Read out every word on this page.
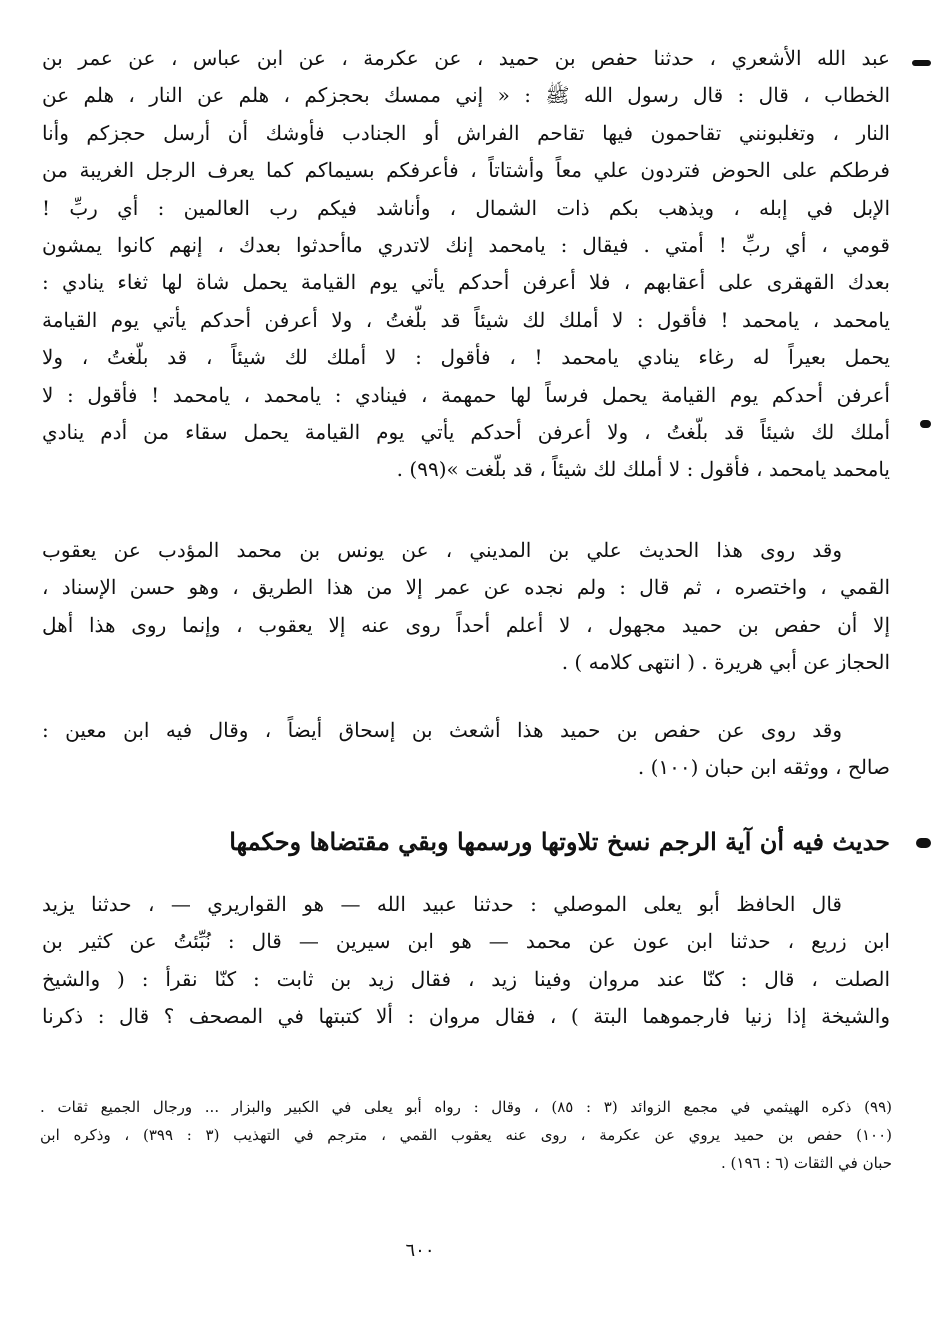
عبد الله الأشعري ، حدثنا حفص بن حميد ، عن عكرمة ، عن ابن عباس ، عن عمر بن
الخطاب ، قال : قال رسول الله ﷺ : « إني ممسك بحجزكم ، هلم عن النار ، هلم عن
النار ، وتغلبونني تقاحمون فيها تقاحم الفراش أو الجنادب فأوشك أن أرسل حجزكم وأنا
فرطكم على الحوض فتردون علي معاً وأشتاتاً ، فأعرفكم بسيماكم كما يعرف الرجل الغريبة من
الإبل في إبله ، ويذهب بكم ذات الشمال ، وأناشد فيكم رب العالمين : أي ربِّ !
قومي ، أي ربِّ ! أمتي . فيقال : يامحمد إنك لاتدري ماأحدثوا بعدك ، إنهم كانوا يمشون
بعدك القهقرى على أعقابهم ، فلا أعرفن أحدكم يأتي يوم القيامة يحمل شاة لها ثغاء ينادي :
يامحمد ، يامحمد ! فأقول : لا أملك لك شيئاً قد بلّغتُ ، ولا أعرفن أحدكم يأتي يوم القيامة
يحمل بعيراً له رغاء ينادي يامحمد ! ، فأقول : لا أملك لك شيئاً ، قد بلّغتُ ، ولا
أعرفن أحدكم يوم القيامة يحمل فرساً لها حمهمة ، فينادي : يامحمد ، يامحمد ! فأقول : لا
أملك لك شيئاً قد بلّغتُ ، ولا أعرفن أحدكم يأتي يوم القيامة يحمل سقاء من أدم ينادي
يامحمد يامحمد ، فأقول : لا أملك لك شيئاً ، قد بلّغت »(٩٩) .
وقد روى هذا الحديث علي بن المديني ، عن يونس بن محمد المؤدب عن يعقوب
القمي ، واختصره ، ثم قال : ولم نجده عن عمر إلا من هذا الطريق ، وهو حسن الإسناد ،
إلا أن حفص بن حميد مجهول ، لا أعلم أحداً روى عنه إلا يعقوب ، وإنما روى هذا أهل
الحجاز عن أبي هريرة . ( انتهى كلامه ) .
وقد روى عن حفص بن حميد هذا أشعث بن إسحاق أيضاً ، وقال فيه ابن معين :
صالح ، ووثقه ابن حبان (١٠٠) .
حديث فيه أن آية الرجم نسخ تلاوتها ورسمها وبقي مقتضاها وحكمها
قال الحافظ أبو يعلى الموصلي : حدثنا عبيد الله — هو القواريري — ، حدثنا يزيد
ابن زريع ، حدثنا ابن عون عن محمد — هو ابن سيرين — قال : نُبِّئتُ عن كثير بن
الصلت ، قال : كنّا عند مروان وفينا زيد ، فقال زيد بن ثابت : كنّا نقرأ : ( والشيخ
والشيخة إذا زنيا فارجموهما البتة ) ، فقال مروان : ألا كتبتها في المصحف ؟ قال : ذكرنا
(٩٩) ذكره الهيثمي في مجمع الزوائد (٣ : ٨٥) ، وقال : رواه أبو يعلى في الكبير والبزار ... ورجال الجميع ثقات .
(١٠٠) حفص بن حميد يروي عن عكرمة ، روى عنه يعقوب القمي ، مترجم في التهذيب (٣ : ٣٩٩) ، وذكره ابن
حبان في الثقات (٦ : ١٩٦) .
٦٠٠
